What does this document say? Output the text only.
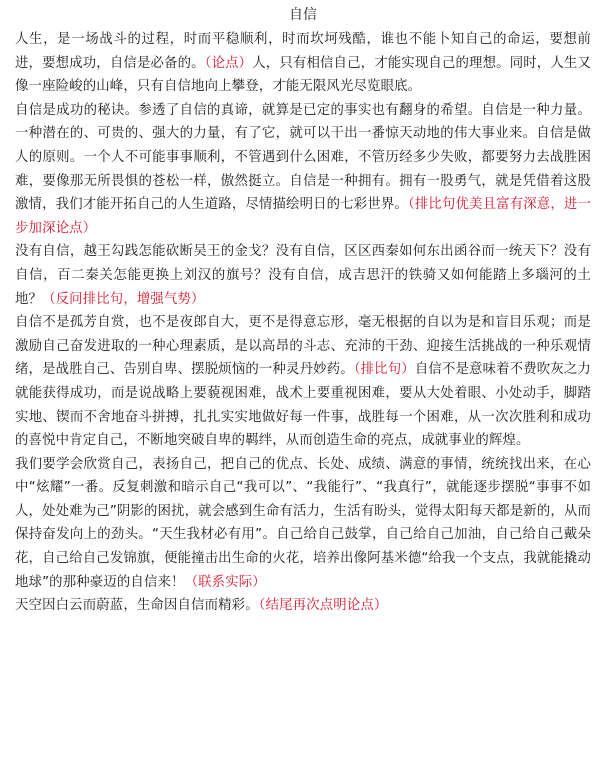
自信

人生，是一场战斗的过程，时而平稳顺利，时而坎坷残酷，谁也不能卜知自己的命运，要想前进，要想成功，自信是必备的。（论点）人，只有相信自己，才能实现自己的理想。同时，人生又像一座险峻的山峰，只有自信地向上攀登，才能无限风光尽览眼底。

自信是成功的秘诀。参透了自信的真谛，就算是已定的事实也有翻身的希望。自信是一种力量。一种潜在的、可贵的、强大的力量，有了它，就可以干出一番惊天动地的伟大事业来。自信是做人的原则。一个人不可能事事顺利，不管遇到什么困难，不管历经多少失败，都要努力去战胜困难，要像那无所畏惧的苍松一样，傲然挺立。自信是一种拥有。拥有一股勇气，就是凭借着这股激情，我们才能开拓自己的人生道路，尽情描绘明日的七彩世界。（排比句优美且富有深意，进一步加深论点）

没有自信，越王勾践怎能砍断吴王的金戈？没有自信，区区西秦如何东出函谷而一统天下？没有自信，百二秦关怎能更换上刘汉的旗号？没有自信，成吉思汗的铁骑又如何能踏上多瑙河的土地？（反问排比句，增强气势）

自信不是孤芳自赏，也不是夜郎自大，更不是得意忘形，毫无根据的自以为是和盲目乐观；而是激励自己奋发进取的一种心理素质，是以高昂的斗志、充沛的干劲、迎接生活挑战的一种乐观情绪，是战胜自己、告别自卑、摆脱烦恼的一种灵丹妙药。（排比句）自信不是意味着不费吹灰之力就能获得成功，而是说战略上要藐视困难，战术上要重视困难，要从大处着眼、小处动手，脚踏实地、锲而不舍地奋斗拼搏，扎扎实实地做好每一件事，战胜每一个困难，从一次次胜利和成功的喜悦中肯定自己，不断地突破自卑的羁绊，从而创造生命的亮点，成就事业的辉煌。

我们要学会欣赏自己，表扬自己，把自己的优点、长处、成绩、满意的事情，统统找出来，在心中“炫耀”一番。反复刺激和暗示自己“我可以”、“我能行”、“我真行”，就能逐步摆脱“事事不如人，处处难为己”阴影的困扰，就会感到生命有活力，生活有盼头，觉得太阳每天都是新的，从而保持奋发向上的劲头。“天生我材必有用”。自己给自己鼓掌，自己给自己加油，自己给自己戴朵花，自己给自己发锦旗，便能撞击出生命的火花，培养出像阿基米德“给我一个支点，我就能撬动地球”的那种豪迈的自信来！（联系实际）

天空因白云而蔚蓝，生命因自信而精彩。（结尾再次点明论点）
